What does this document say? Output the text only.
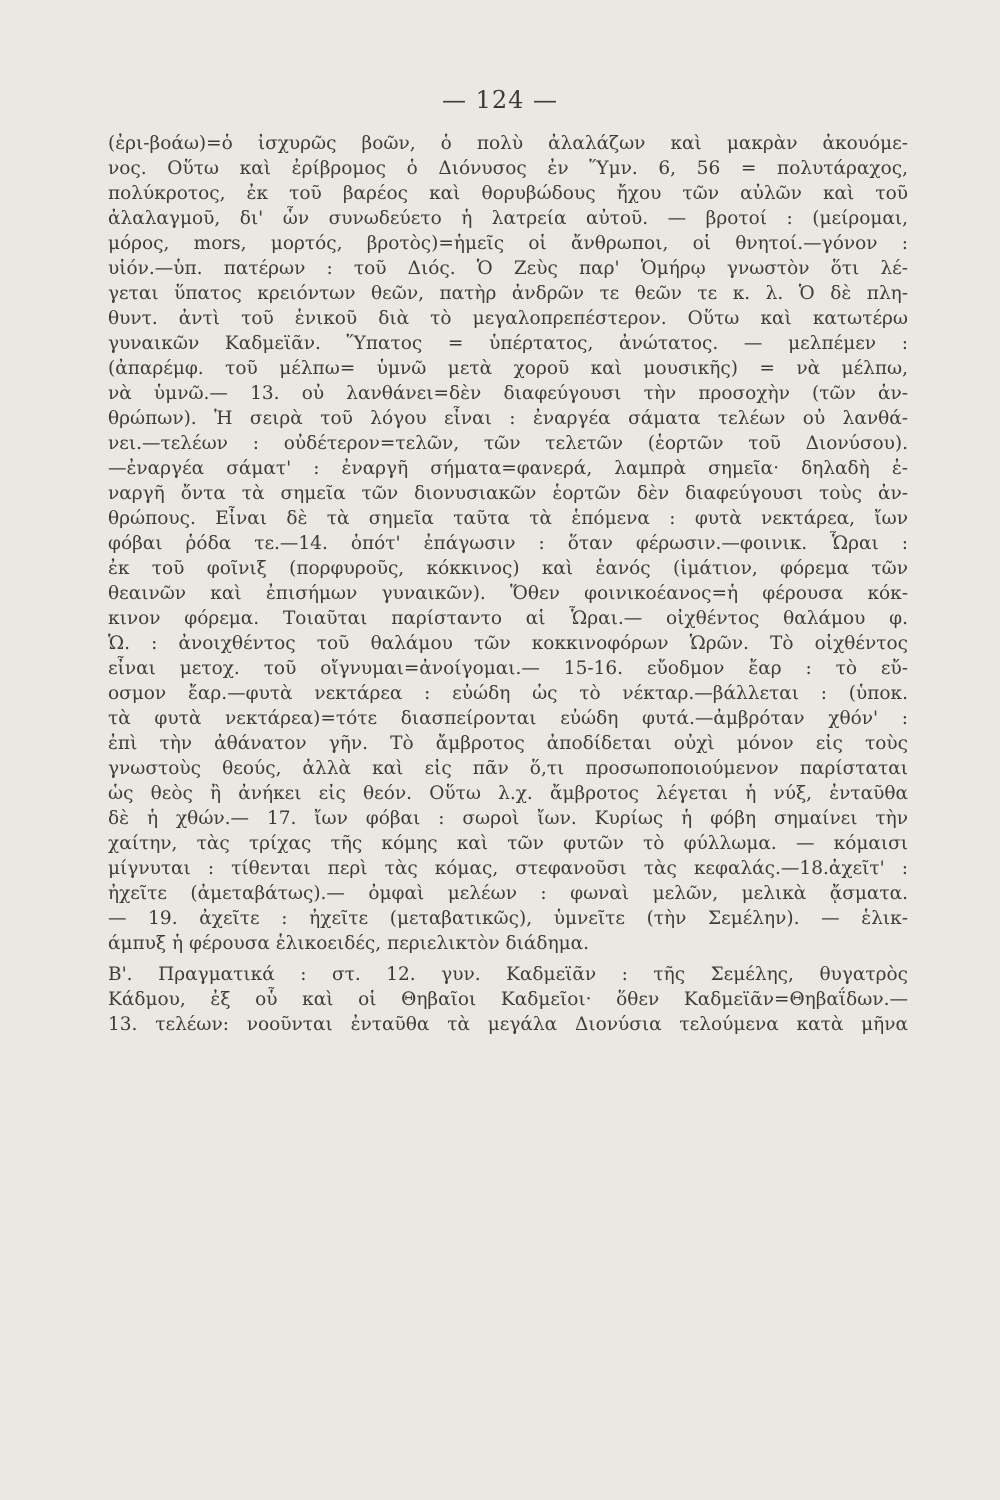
— 124 —
(ἐρι-βοάω)=ὁ ἰσχυρῶς βοῶν, ὁ πολὺ ἀλαλάζων καὶ μακρὰν ἀκουόμε-
νος. Οὕτω καὶ ἐρίβρομος ὁ Διόνυσος ἐν Ὕμν. 6, 56 = πολυτάραχος,
πολύκροτος, ἐκ τοῦ βαρέος καὶ θορυβώδους ἤχου τῶν αὐλῶν καὶ τοῦ
ἀλαλαγμοῦ, δι' ὧν συνωδεύετο ἡ λατρεία αὐτοῦ. — βροτοί : (μείρομαι,
μόρος, mors, μορτός, βροτὸς)=ἡμεῖς οἱ ἄνθρωποι, οἱ θνητοί.—γόνον :
υἱόν.—ὑπ. πατέρων : τοῦ Διός. Ὁ Ζεὺς παρ' Ὁμήρῳ γνωστὸν ὅτι λέ-
γεται ὕπατος κρειόντων θεῶν, πατὴρ ἀνδρῶν τε θεῶν τε κ. λ. Ὁ δὲ πλη-
θυντ. ἀντὶ τοῦ ἑνικοῦ διὰ τὸ μεγαλοπρεπέστερον. Οὕτω καὶ κατωτέρω
γυναικῶν Καδμεϊᾶν. Ὕπατος = ὑπέρτατος, ἀνώτατος. — μελπέμεν :
(ἀπαρέμφ. τοῦ μέλπω= ὑμνῶ μετὰ χοροῦ καὶ μουσικῆς) = νὰ μέλπω,
νὰ ὑμνῶ.— 13. οὐ λανθάνει=δὲν διαφεύγουσι τὴν προσοχὴν (τῶν ἀν-
θρώπων). Ἡ σειρὰ τοῦ λόγου εἶναι : ἐναργέα σάματα τελέων οὐ λανθά-
νει.—τελέων : οὐδέτερον=τελῶν, τῶν τελετῶν (ἑορτῶν τοῦ Διονύσου).
—ἐναργέα σάματ' : ἐναργῆ σήματα=φανερά, λαμπρὰ σημεῖα· δηλαδὴ ἐ-
ναργῆ ὄντα τὰ σημεῖα τῶν διονυσιακῶν ἑορτῶν δὲν διαφεύγουσι τοὺς ἀν-
θρώπους. Εἶναι δὲ τὰ σημεῖα ταῦτα τὰ ἑπόμενα : φυτὰ νεκτάρεα, ἴων
φόβαι ῥόδα τε.—14. ὁπότ' ἐπάγωσιν : ὅταν φέρωσιν.—φοινικ. Ὧραι :
ἐκ τοῦ φοῖνιξ (πορφυροῦς, κόκκινος) καὶ ἑανός (ἱμάτιον, φόρεμα τῶν
θεαινῶν καὶ ἐπισήμων γυναικῶν). Ὅθεν φοινικοέανος=ἡ φέρουσα κόκ-
κινον φόρεμα. Τοιαῦται παρίσταντο αἱ Ὧραι.— οἰχθέντος θαλάμου φ.
Ὡ. : ἀνοιχθέντος τοῦ θαλάμου τῶν κοκκινοφόρων Ὡρῶν. Τὸ οἰχθέντος
εἶναι μετοχ. τοῦ οἴγνυμαι=ἀνοίγομαι.— 15-16. εὔοδμον ἔαρ : τὸ εὔ-
οσμον ἔαρ.—φυτὰ νεκτάρεα : εὐώδη ὡς τὸ νέκταρ.—βάλλεται : (ὑποκ.
τὰ φυτὰ νεκτάρεα)=τότε διασπείρονται εὐώδη φυτά.—ἀμβρόταν χθόν' :
ἐπὶ τὴν ἀθάνατον γῆν. Τὸ ἄμβροτος ἀποδίδεται οὐχὶ μόνον εἰς τοὺς
γνωστοὺς θεούς, ἀλλὰ καὶ εἰς πᾶν ὅ,τι προσωποποιούμενον παρίσταται
ὡς θεὸς ἢ ἀνήκει εἰς θεόν. Οὕτω λ.χ. ἄμβροτος λέγεται ἡ νύξ, ἐνταῦθα
δὲ ἡ χθών.— 17. ἴων φόβαι : σωροὶ ἴων. Κυρίως ἡ φόβη σημαίνει τὴν
χαίτην, τὰς τρίχας τῆς κόμης καὶ τῶν φυτῶν τὸ φύλλωμα. — κόμαισι
μίγνυται : τίθενται περὶ τὰς κόμας, στεφανοῦσι τὰς κεφαλάς.—18.ἀχεῖτ' :
ἠχεῖτε (ἀμεταβάτως).— ὀμφαὶ μελέων : φωναὶ μελῶν, μελικὰ ᾄσματα.
— 19. ἀχεῖτε : ἠχεῖτε (μεταβατικῶς), ὑμνεῖτε (τὴν Σεμέλην). — ἑλικ-
άμπυξ ἡ φέρουσα ἑλικοειδές, περιελικτὸν διάδημα.
Β'. Πραγματικά : στ. 12. γυν. Καδμεϊᾶν : τῆς Σεμέλης, θυγατρὸς
Κάδμου, ἐξ οὗ καὶ οἱ Θηβαῖοι Καδμεῖοι· ὅθεν Καδμεϊᾶν=Θηβαΐδων.—
13. τελέων: νοοῦνται ἐνταῦθα τὰ μεγάλα Διονύσια τελούμενα κατὰ μῆνα
